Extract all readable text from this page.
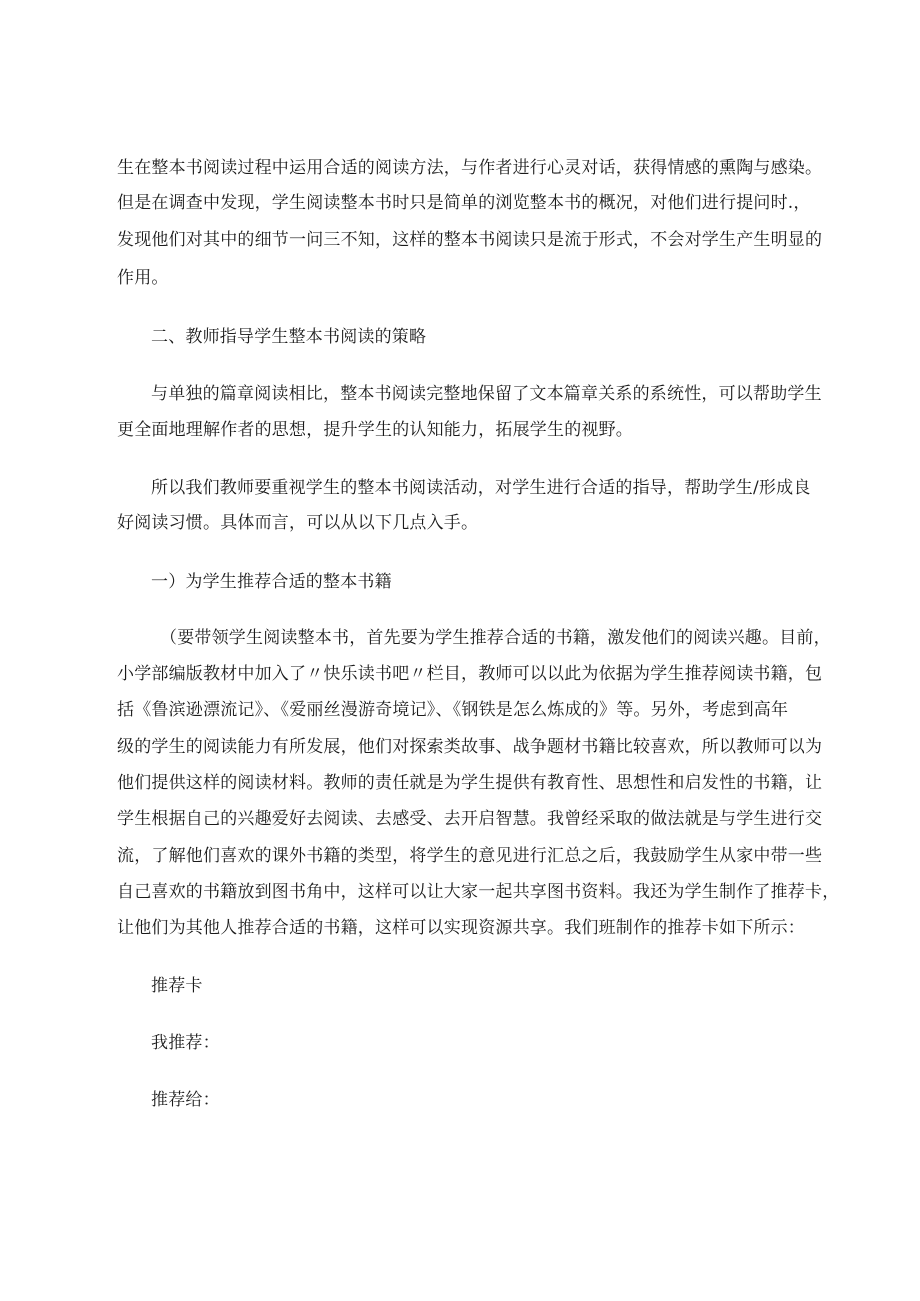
生在整本书阅读过程中运用合适的阅读方法，与作者进行心灵对话，获得情感的熏陶与感染。
但是在调查中发现，学生阅读整本书时只是简单的浏览整本书的概况，对他们进行提问时.，
发现他们对其中的细节一问三不知，这样的整本书阅读只是流于形式，不会对学生产生明显的
作用。
二、教师指导学生整本书阅读的策略
与单独的篇章阅读相比，整本书阅读完整地保留了文本篇章关系的系统性，可以帮助学生
更全面地理解作者的思想，提升学生的认知能力，拓展学生的视野。
所以我们教师要重视学生的整本书阅读活动，对学生进行合适的指导，帮助学生/形成良
好阅读习惯。具体而言，可以从以下几点入手。
一）为学生推荐合适的整本书籍
（要带领学生阅读整本书，首先要为学生推荐合适的书籍，激发他们的阅读兴趣。目前，
小学部编版教材中加入了〃快乐读书吧〃栏目，教师可以以此为依据为学生推荐阅读书籍，包
括《鲁滨逊漂流记》、《爱丽丝漫游奇境记》、《钢铁是怎么炼成的》等。另外，考虑到高年
级的学生的阅读能力有所发展，他们对探索类故事、战争题材书籍比较喜欢，所以教师可以为
他们提供这样的阅读材料。教师的责任就是为学生提供有教育性、思想性和启发性的书籍，让
学生根据自己的兴趣爱好去阅读、去感受、去开启智慧。我曾经采取的做法就是与学生进行交
流，了解他们喜欢的课外书籍的类型，将学生的意见进行汇总之后，我鼓励学生从家中带一些
自己喜欢的书籍放到图书角中，这样可以让大家一起共享图书资料。我还为学生制作了推荐卡，
让他们为其他人推荐合适的书籍，这样可以实现资源共享。我们班制作的推荐卡如下所示：
推荐卡
我推荐：
推荐给：
